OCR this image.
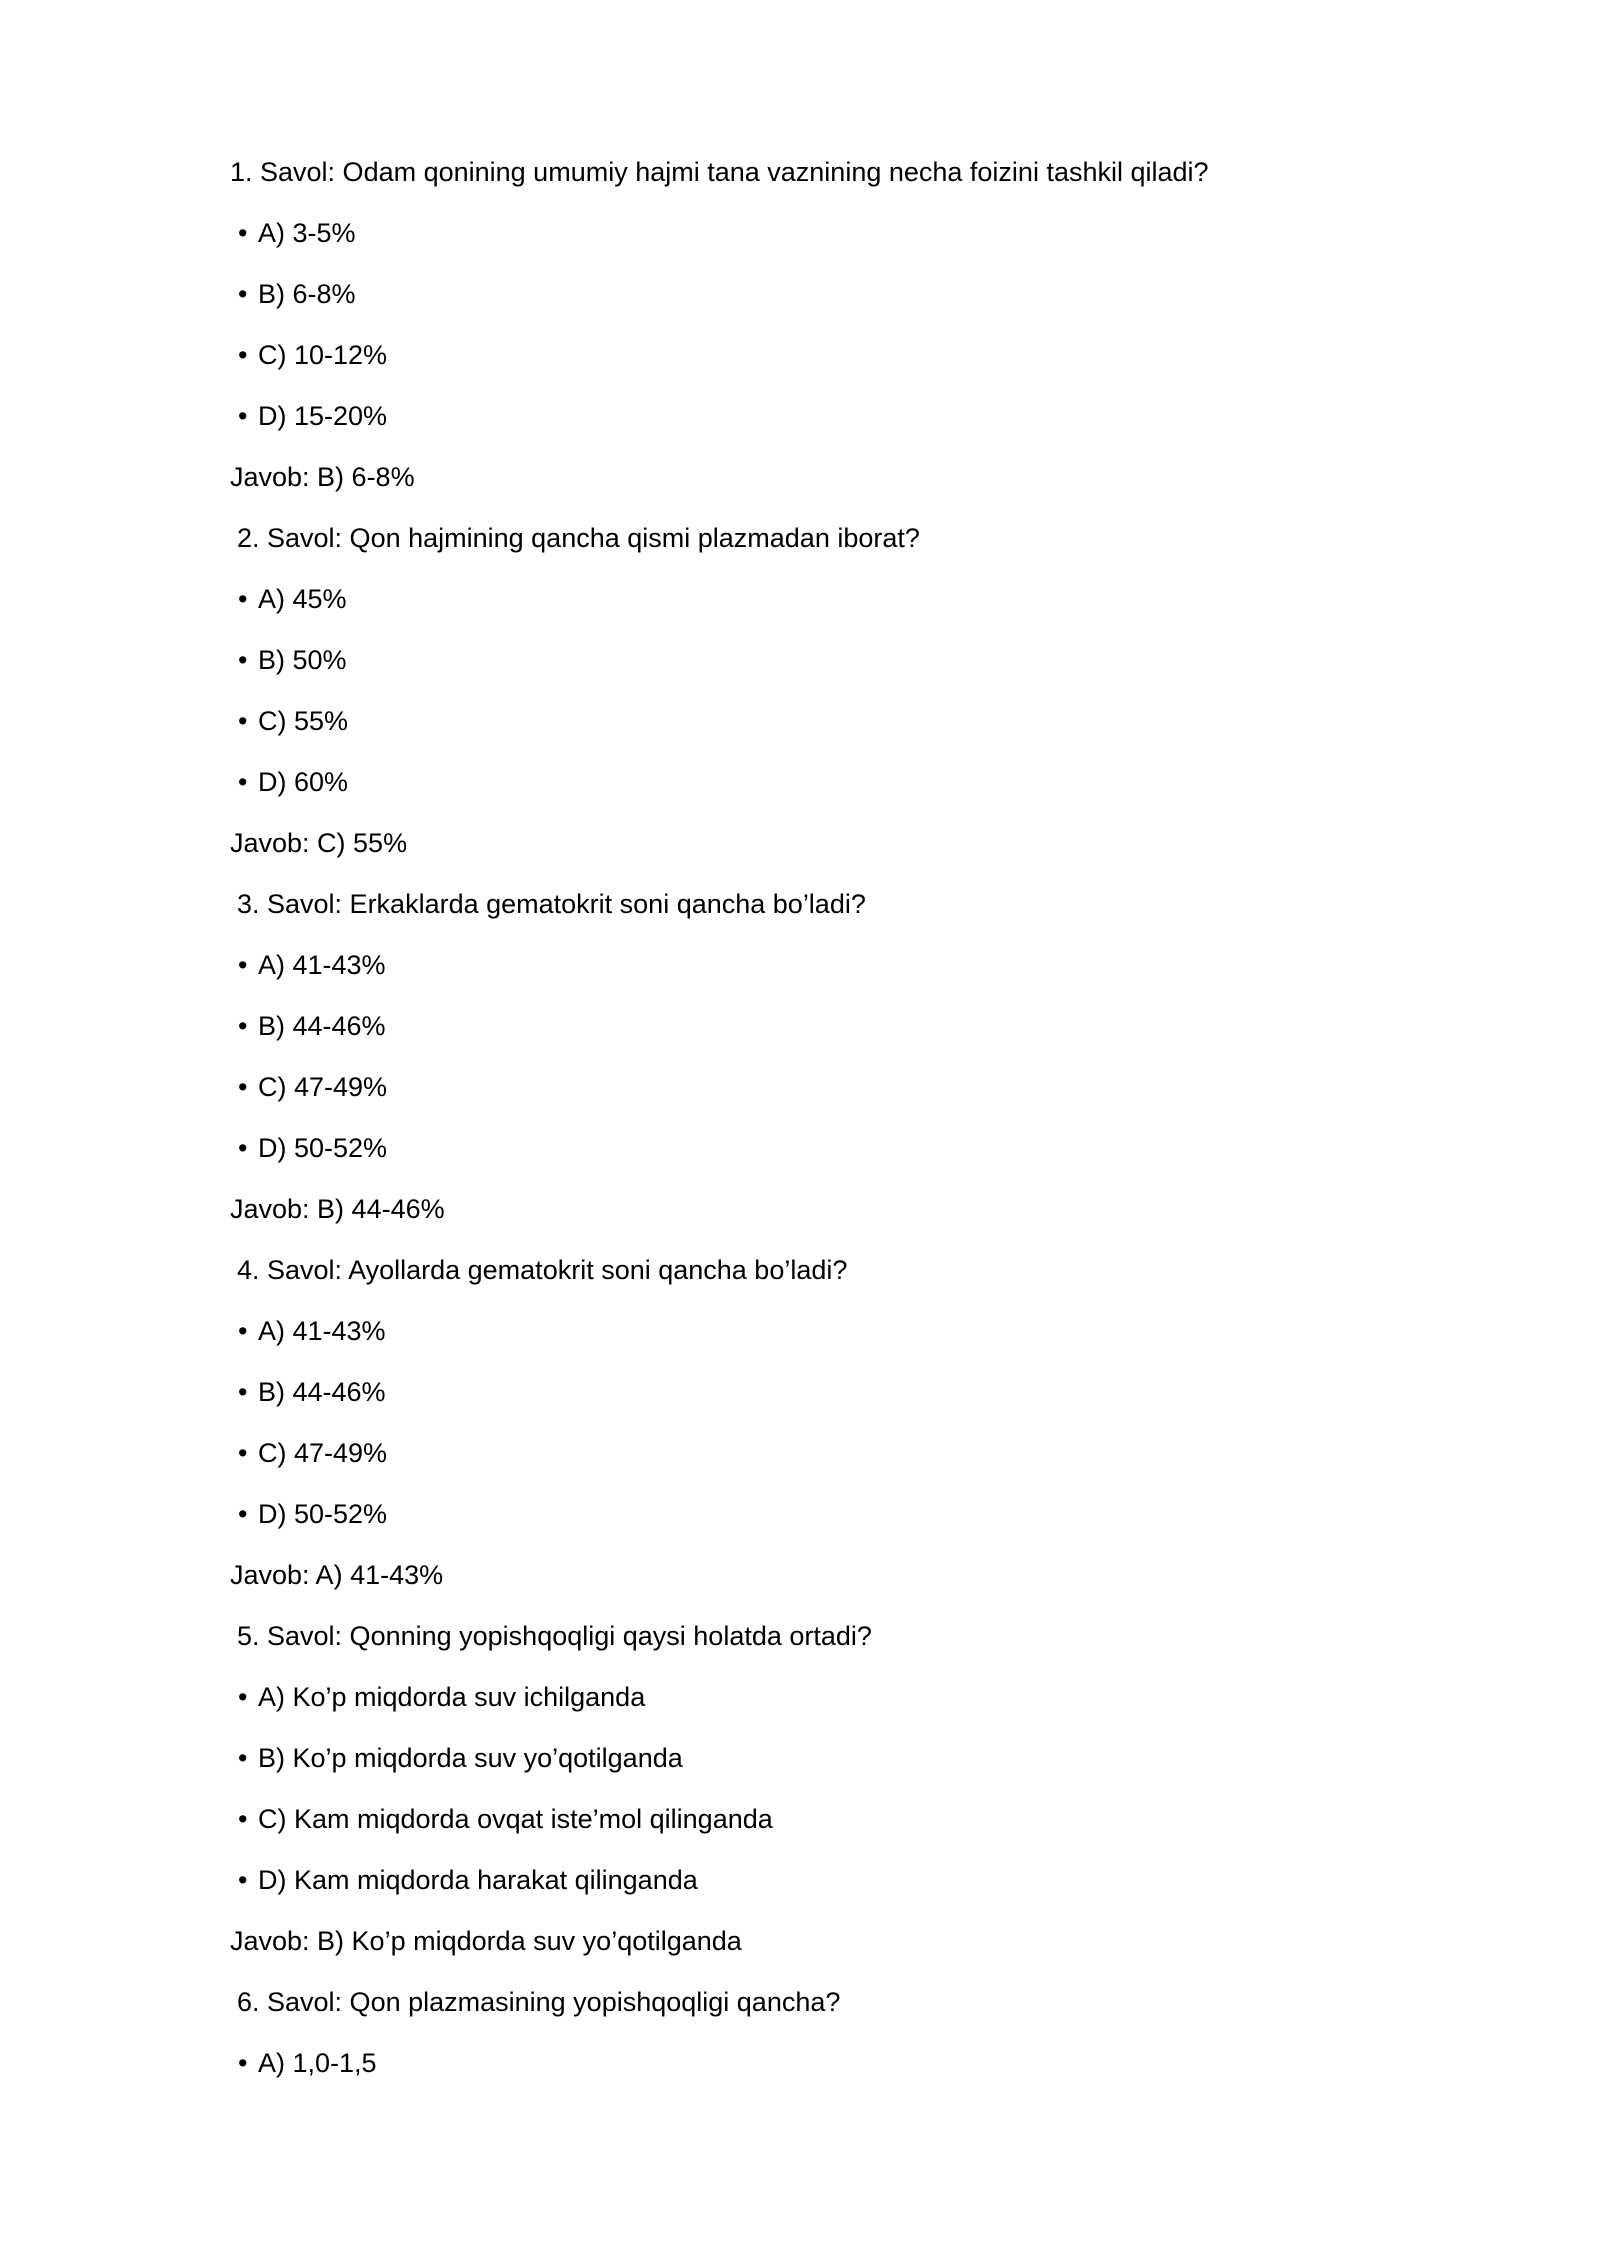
1. Savol: Odam qonining umumiy hajmi tana vaznining necha foizini tashkil qiladi?
• A) 3-5%
• B) 6-8%
• C) 10-12%
• D) 15-20%
Javob: B) 6-8%
2. Savol: Qon hajmining qancha qismi plazmadan iborat?
• A) 45%
• B) 50%
• C) 55%
• D) 60%
Javob: C) 55%
3. Savol: Erkaklarda gematokrit soni qancha bo’ladi?
• A) 41-43%
• B) 44-46%
• C) 47-49%
• D) 50-52%
Javob: B) 44-46%
4. Savol: Ayollarda gematokrit soni qancha bo’ladi?
• A) 41-43%
• B) 44-46%
• C) 47-49%
• D) 50-52%
Javob: A) 41-43%
5. Savol: Qonning yopishqoqligi qaysi holatda ortadi?
• A) Ko’p miqdorda suv ichilganda
• B) Ko’p miqdorda suv yo’qotilganda
• C) Kam miqdorda ovqat iste’mol qilinganda
• D) Kam miqdorda harakat qilinganda
Javob: B) Ko’p miqdorda suv yo’qotilganda
6. Savol: Qon plazmasining yopishqoqligi qancha?
• A) 1,0-1,5
